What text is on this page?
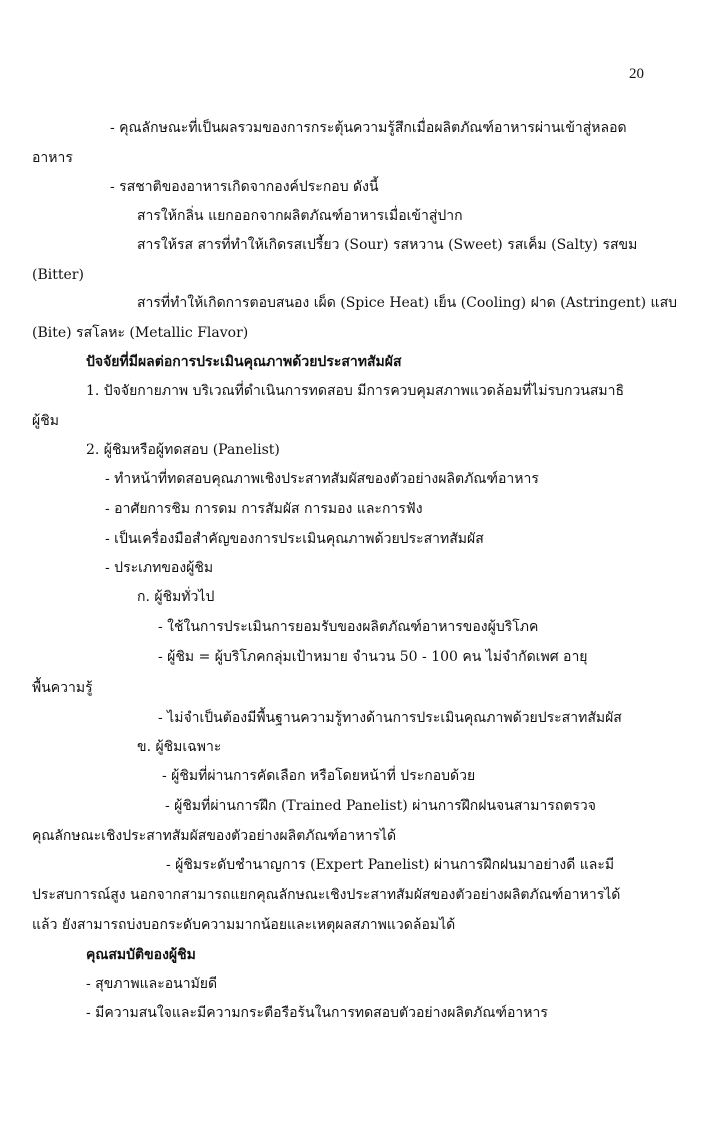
20
- คุณลักษณะที่เป็นผลรวมของการกระตุ้นความรู้สึกเมื่อผลิตภัณฑ์อาหารผ่านเข้าสู่หลอด
อาหาร
- รสชาติของอาหารเกิดจากองค์ประกอบ ดังนี้
สารให้กลิ่น แยกออกจากผลิตภัณฑ์อาหารเมื่อเข้าสู่ปาก
สารให้รส สารที่ทำให้เกิดรสเปรี้ยว (Sour) รสหวาน (Sweet) รสเค็ม (Salty) รสขม
(Bitter)
สารที่ทำให้เกิดการตอบสนอง เผ็ด (Spice Heat) เย็น (Cooling) ฝาด (Astringent) แสบ
(Bite) รสโลหะ (Metallic Flavor)
ปัจจัยที่มีผลต่อการประเมินคุณภาพด้วยประสาทสัมผัส
1. ปัจจัยกายภาพ บริเวณที่ดำเนินการทดสอบ มีการควบคุมสภาพแวดล้อมที่ไม่รบกวนสมาธิ
ผู้ชิม
2. ผู้ชิมหรือผู้ทดสอบ (Panelist)
- ทำหน้าที่ทดสอบคุณภาพเชิงประสาทสัมผัสของตัวอย่างผลิตภัณฑ์อาหาร
- อาศัยการชิม การดม การสัมผัส การมอง และการฟัง
- เป็นเครื่องมือสำคัญของการประเมินคุณภาพด้วยประสาทสัมผัส
- ประเภทของผู้ชิม
ก. ผู้ชิมทั่วไป
- ใช้ในการประเมินการยอมรับของผลิตภัณฑ์อาหารของผู้บริโภค
- ผู้ชิม = ผู้บริโภคกลุ่มเป้าหมาย จำนวน 50 - 100 คน ไม่จำกัดเพศ อายุ
พื้นความรู้
- ไม่จำเป็นต้องมีพื้นฐานความรู้ทางด้านการประเมินคุณภาพด้วยประสาทสัมผัส
ข. ผู้ชิมเฉพาะ
- ผู้ชิมที่ผ่านการคัดเลือก หรือโดยหน้าที่ ประกอบด้วย
- ผู้ชิมที่ผ่านการฝึก (Trained Panelist) ผ่านการฝึกฝนจนสามารถตรวจ
คุณลักษณะเชิงประสาทสัมผัสของตัวอย่างผลิตภัณฑ์อาหารได้
- ผู้ชิมระดับชำนาญการ (Expert Panelist) ผ่านการฝึกฝนมาอย่างดี และมี
ประสบการณ์สูง นอกจากสามารถแยกคุณลักษณะเชิงประสาทสัมผัสของตัวอย่างผลิตภัณฑ์อาหารได้
แล้ว ยังสามารถบ่งบอกระดับความมากน้อยและเหตุผลสภาพแวดล้อมได้
คุณสมบัติของผู้ชิม
- สุขภาพและอนามัยดี
- มีความสนใจและมีความกระตือรือร้นในการทดสอบตัวอย่างผลิตภัณฑ์อาหาร
